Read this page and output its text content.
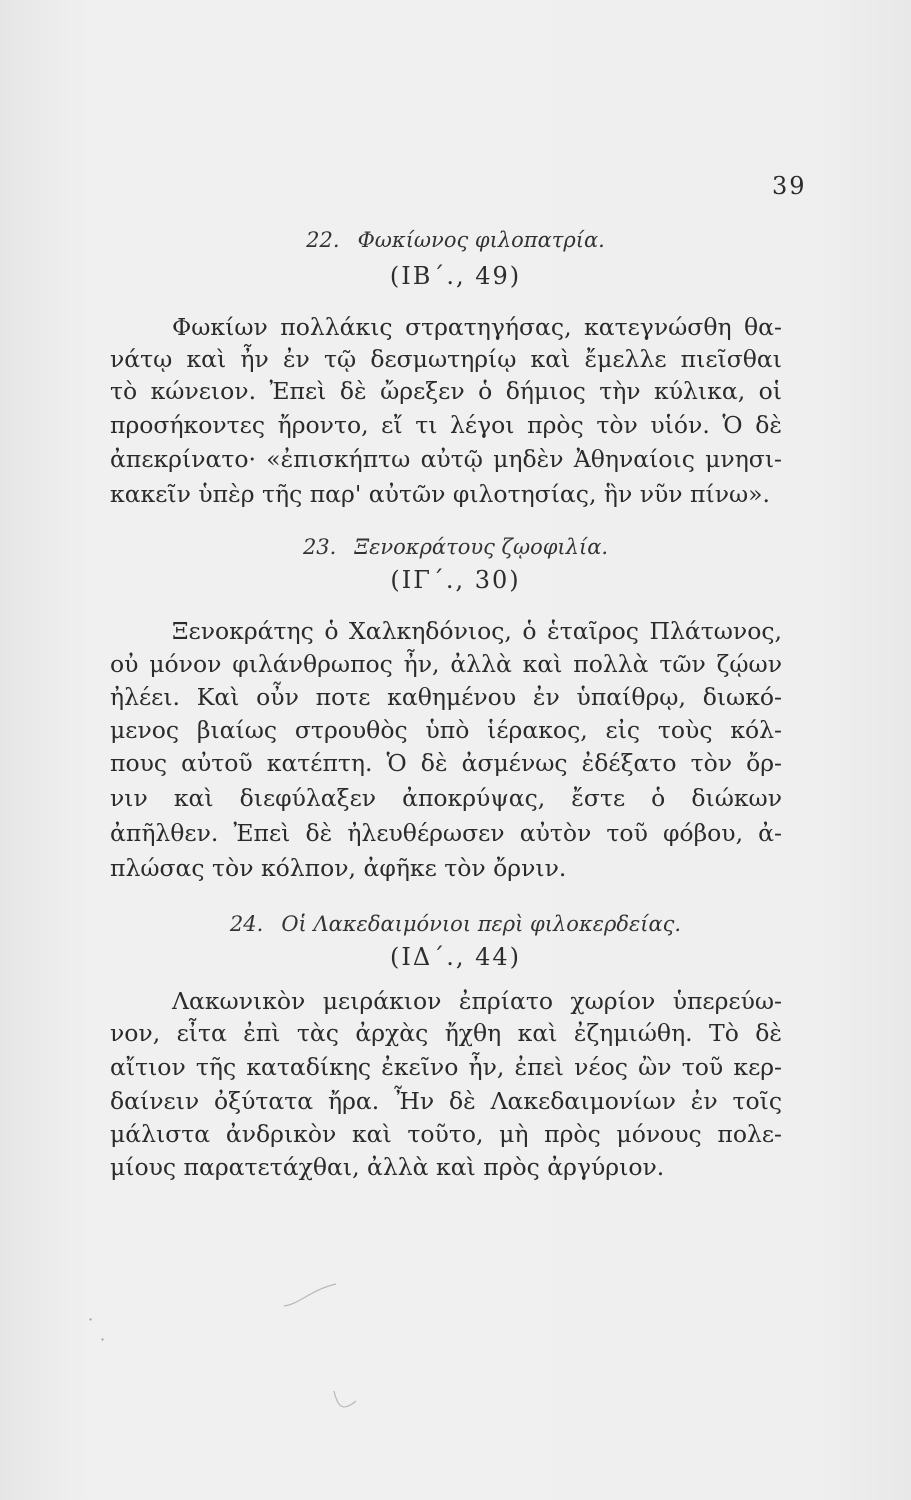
39
22. Φωκίωνος φιλοπατρία.
(ΙΒ΄., 49)
Φωκίων πολλάκις στρατηγήσας, κατεγνώσθη θα-
νάτῳ καὶ ἦν ἐν τῷ δεσμωτηρίῳ καὶ ἔμελλε πιεῖσθαι
τὸ κώνειον. Ἐπεὶ δὲ ὤρεξεν ὁ δήμιος τὴν κύλικα, οἱ
προσήκοντες ἤροντο, εἴ τι λέγοι πρὸς τὸν υἱόν. Ὁ δὲ
ἀπεκρίνατο· «ἐπισκήπτω αὐτῷ μηδὲν Ἀθηναίοις μνησι-
κακεῖν ὑπὲρ τῆς παρ' αὐτῶν φιλοτησίας, ἣν νῦν πίνω».
23. Ξενοκράτους ζῳοφιλία.
(ΙΓ΄., 30)
Ξενοκράτης ὁ Χαλκηδόνιος, ὁ ἑταῖρος Πλάτωνος,
οὐ μόνον φιλάνθρωπος ἦν, ἀλλὰ καὶ πολλὰ τῶν ζῴων
ἠλέει. Καὶ οὖν ποτε καθημένου ἐν ὑπαίθρῳ, διωκό-
μενος βιαίως στρουθὸς ὑπὸ ἱέρακος, εἰς τοὺς κόλ-
πους αὐτοῦ κατέπτη. Ὁ δὲ ἀσμένως ἐδέξατο τὸν ὄρ-
νιν καὶ διεφύλαξεν ἀποκρύψας, ἔστε ὁ διώκων
ἀπῆλθεν. Ἐπεὶ δὲ ἠλευθέρωσεν αὐτὸν τοῦ φόβου, ἀ-
πλώσας τὸν κόλπον, ἀφῆκε τὸν ὄρνιν.
24. Οἱ Λακεδαιμόνιοι περὶ φιλοκερδείας.
(ΙΔ΄., 44)
Λακωνικὸν μειράκιον ἐπρίατο χωρίον ὑπερεύω-
νον, εἶτα ἐπὶ τὰς ἀρχὰς ἤχθη καὶ ἐζημιώθη. Τὸ δὲ
αἴτιον τῆς καταδίκης ἐκεῖνο ἦν, ἐπεὶ νέος ὢν τοῦ κερ-
δαίνειν ὀξύτατα ἤρα. Ἦν δὲ Λακεδαιμονίων ἐν τοῖς
μάλιστα ἀνδρικὸν καὶ τοῦτο, μὴ πρὸς μόνους πολε-
μίους παρατετάχθαι, ἀλλὰ καὶ πρὸς ἀργύριον.
·
·
